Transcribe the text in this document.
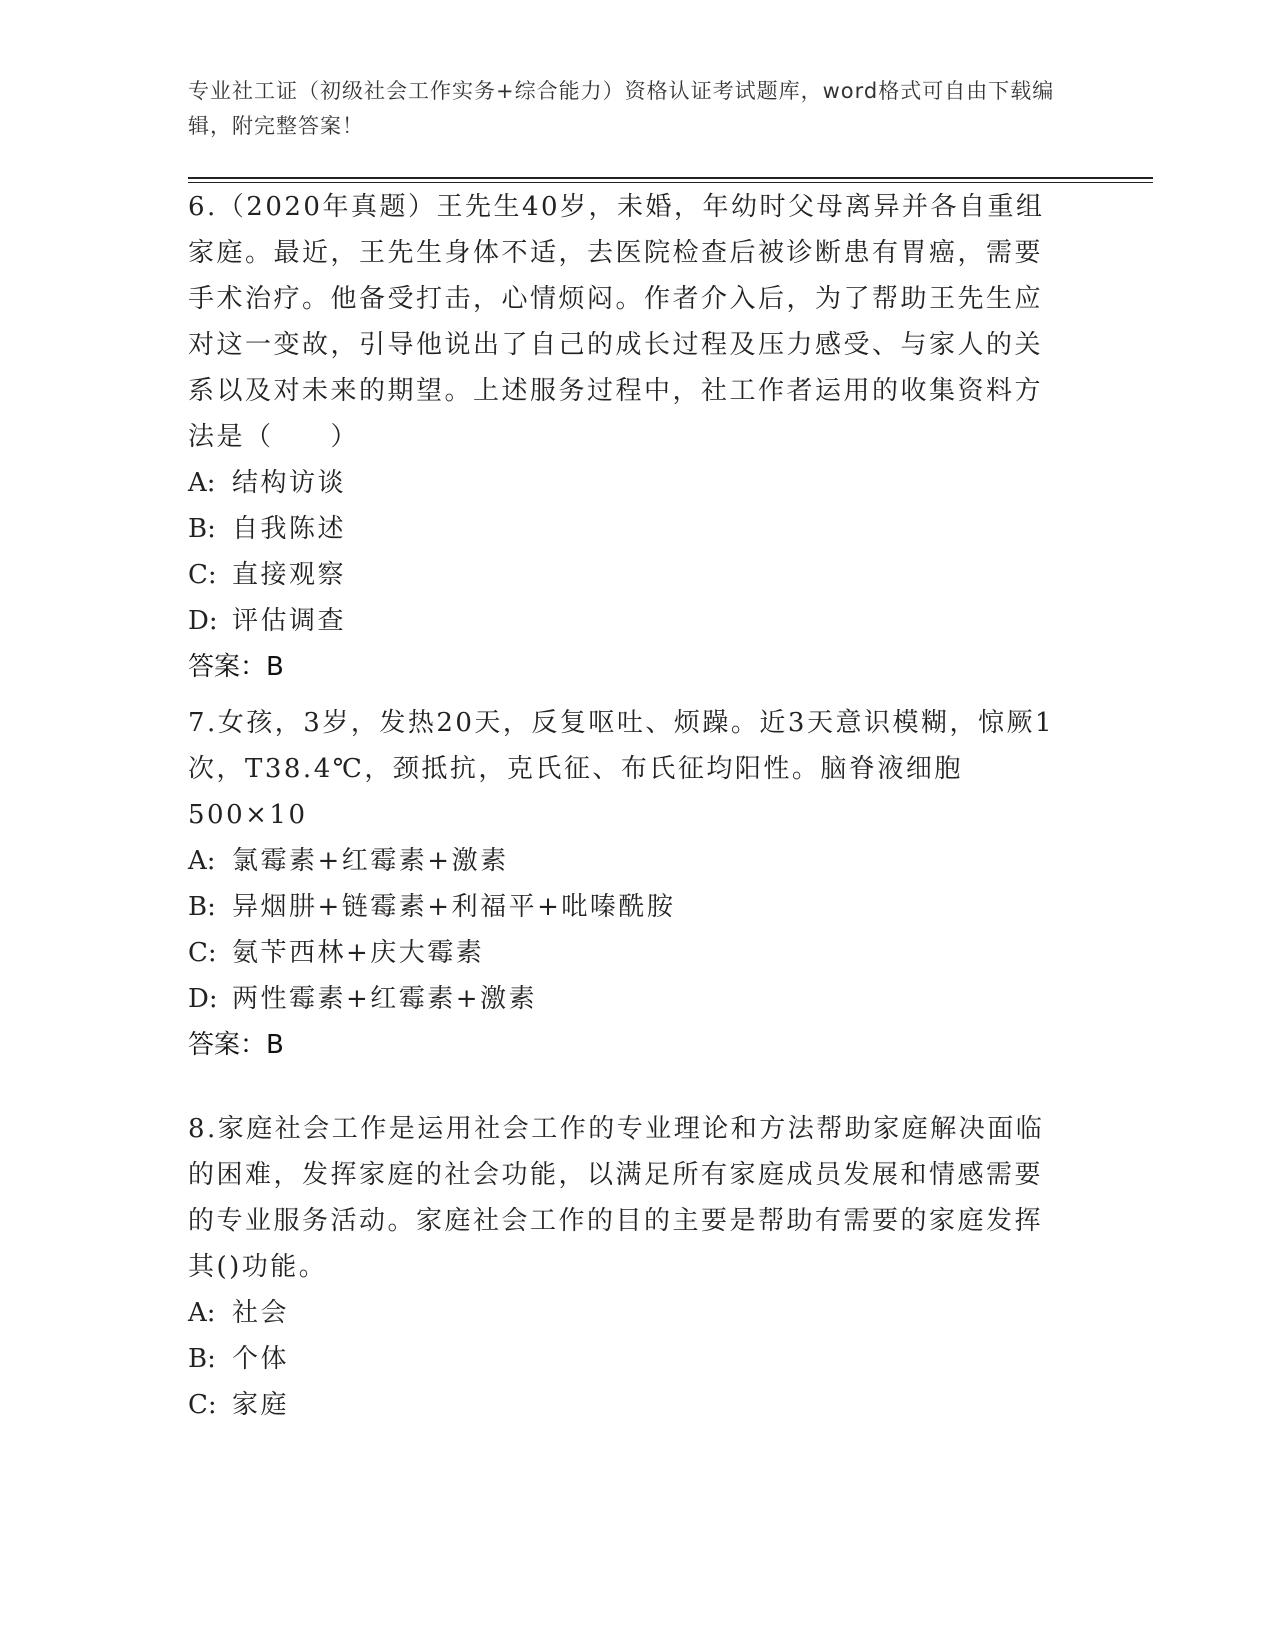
专业社工证（初级社会工作实务+综合能力）资格认证考试题库，word格式可自由下载编辑，附完整答案！

6.（2020年真题）王先生40岁，未婚，年幼时父母离异并各自重组家庭。最近，王先生身体不适，去医院检查后被诊断患有胃癌，需要手术治疗。他备受打击，心情烦闷。作者介入后，为了帮助王先生应对这一变故，引导他说出了自己的成长过程及压力感受、与家人的关系以及对未来的期望。上述服务过程中，社工作者运用的收集资料方法是（　　）

A: 结构访谈

B: 自我陈述

C: 直接观察

D: 评估调查

答案：B

7.女孩，3岁，发热20天，反复呕吐、烦躁。近3天意识模糊，惊厥1次，T38.4℃，颈抵抗，克氏征、布氏征均阳性。脑脊液细胞500×10

A: 氯霉素+红霉素+激素

B: 异烟肼+链霉素+利福平+吡嗪酰胺

C: 氨苄西林+庆大霉素

D: 两性霉素+红霉素+激素

答案：B

8.家庭社会工作是运用社会工作的专业理论和方法帮助家庭解决面临的困难，发挥家庭的社会功能，以满足所有家庭成员发展和情感需要的专业服务活动。家庭社会工作的目的主要是帮助有需要的家庭发挥其()功能。

A: 社会

B: 个体

C: 家庭
